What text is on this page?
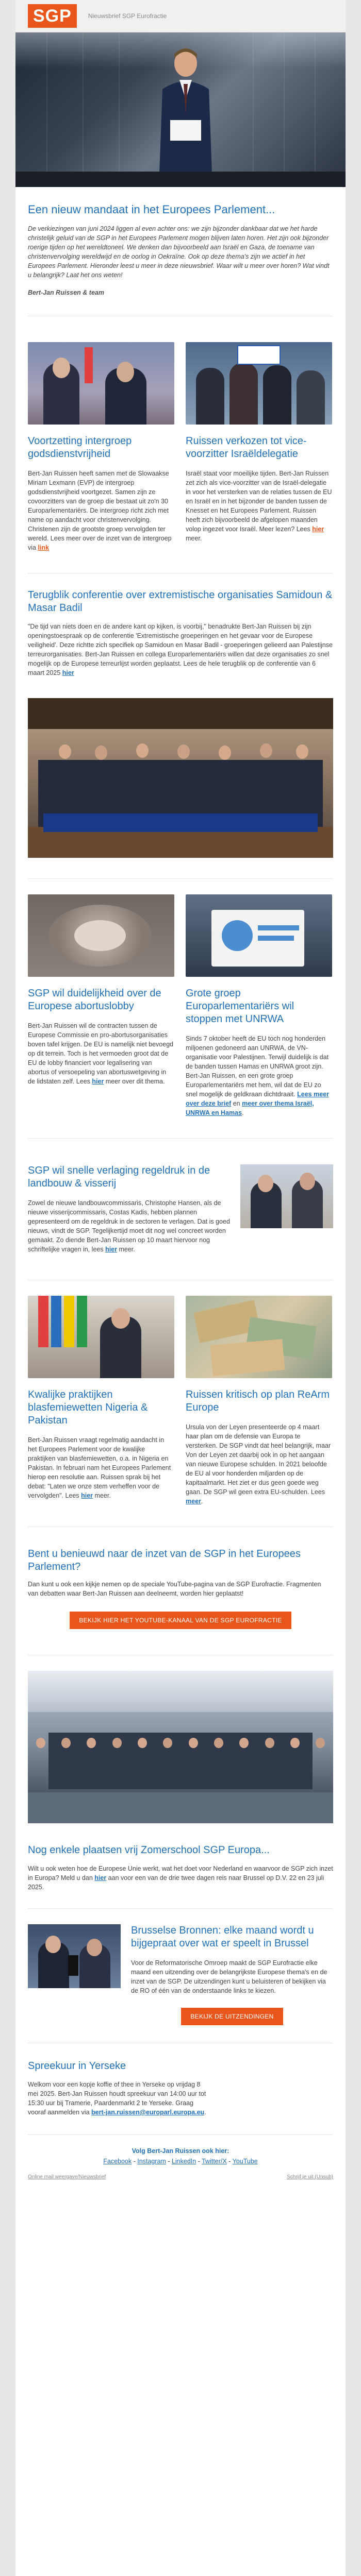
SGP	Nieuwsbrief SGP Eurofractie
Een nieuw mandaat in het Europees Parlement...

De verkiezingen van juni 2024 liggen al even achter ons: we zijn bijzonder dankbaar dat we het harde christelijk geluid van de SGP in het Europees Parlement mogen blijven laten horen. Het zijn ook bijzonder roerige tijden op het wereldtoneel. We denken dan bijvoorbeeld aan Israël en Gaza, de toename van christenvervolging wereldwijd en de oorlog in Oekraïne. Ook op deze thema's zijn we actief in het Europees Parlement. Hieronder leest u meer in deze nieuwsbrief. Waar wilt u meer over horen? Wat vindt u belangrijk? Laat het ons weten!

Bert-Jan Ruissen & team

Voortzetting intergroep godsdienstvrijheid

Bert-Jan Ruissen heeft samen met de Slowaakse Miriam Lexmann (EVP) de intergroep godsdienstvrijheid voortgezet. Samen zijn ze covoorzitters van de groep die bestaat uit zo'n 30 Europarlementariërs. De intergroep richt zich met name op aandacht voor christenvervolging. Christenen zijn de grootste groep vervolgden ter wereld. Lees meer over de inzet van de intergroep via link

Ruissen verkozen tot vice-voorzitter Israëldelegatie

Israël staat voor moeilijke tijden. Bert-Jan Ruissen zet zich als vice-voorzitter van de Israël-delegatie in voor het versterken van de relaties tussen de EU en Israël en in het bijzonder de banden tussen de Knesset en het Europees Parlement. Ruissen heeft zich bijvoorbeeld de afgelopen maanden volop ingezet voor Israël. Meer lezen? Lees hier meer.

Terugblik conferentie over extremistische organisaties Samidoun & Masar Badil

"De tijd van niets doen en de andere kant op kijken, is voorbij," benadrukte Bert-Jan Ruissen bij zijn openingstoespraak op de conferentie 'Extremistische groeperingen en het gevaar voor de Europese veiligheid'. Deze richtte zich specifiek op Samidoun en Masar Badil - groeperingen gelieerd aan Palestijnse terreurorganisaties. Bert-Jan Ruissen en collega Europarlementariërs willen dat deze organisaties zo snel mogelijk op de Europese terreurlijst worden geplaatst. Lees de hele terugblik op de conferentie van 6 maart 2025 hier

SGP wil duidelijkheid over de Europese abortuslobby

Bert-Jan Ruissen wil de contracten tussen de Europese Commissie en pro-abortusorganisaties boven tafel krijgen. De EU is namelijk niet bevoegd op dit terrein. Toch is het vermoeden groot dat de EU de lobby financiert voor legalisering van abortus of versoepeling van abortuswetgeving in de lidstaten zelf. Lees hier meer over dit thema.

Grote groep Europarlementariërs wil stoppen met UNRWA

Sinds 7 oktober heeft de EU toch nog honderden miljoenen gedoneerd aan UNRWA, de VN-organisatie voor Palestijnen. Terwijl duidelijk is dat de banden tussen Hamas en UNRWA groot zijn. Bert-Jan Ruissen, en een grote groep Europarlementariërs met hem, wil dat de EU zo snel mogelijk de geldkraan dichtdraait. Lees meer over deze brief en meer over thema Israël, UNRWA en Hamas.

SGP wil snelle verlaging regeldruk in de landbouw & visserij

Zowel de nieuwe landbouwcommissaris, Christophe Hansen, als de nieuwe visserijcommissaris, Costas Kadis, hebben plannen gepresenteerd om de regeldruk in de sectoren te verlagen. Dat is goed nieuws, vindt de SGP. Tegelijkertijd moet dit nog wel concreet worden gemaakt. Zo diende Bert-Jan Ruissen op 10 maart hiervoor nog schriftelijke vragen in, lees hier meer.

Kwalijke praktijken blasfemiewetten Nigeria & Pakistan

Bert-Jan Ruissen vraagt regelmatig aandacht in het Europees Parlement voor de kwalijke praktijken van blasfemiewetten, o.a. in Nigeria en Pakistan. In februari nam het Europees Parlement hierop een resolutie aan. Ruissen sprak bij het debat: "Laten we onze stem verheffen voor de vervolgden". Lees hier meer.

Ruissen kritisch op plan ReArm Europe

Ursula von der Leyen presenteerde op 4 maart haar plan om de defensie van Europa te versterken. De SGP vindt dat heel belangrijk, maar Von der Leyen zet daarbij ook in op het aangaan van nieuwe Europese schulden. In 2021 beloofde de EU al voor honderden miljarden op de kapitaalmarkt. Het ziet er dus geen goede weg gaan. De SGP wil geen extra EU-schulden. Lees meer.

Bent u benieuwd naar de inzet van de SGP in het Europees Parlement?

Dan kunt u ook een kijkje nemen op de speciale YouTube-pagina van de SGP Eurofractie. Fragmenten van debatten waar Bert-Jan Ruissen aan deelneemt, worden hier geplaatst!

BEKIJK HIER HET YOUTUBE-KANAAL VAN DE SGP EUROFRACTIE
Nog enkele plaatsen vrij Zomerschool SGP Europa...

Wilt u ook weten hoe de Europese Unie werkt, wat het doet voor Nederland en waarvoor de SGP zich inzet in Europa? Meld u dan hier aan voor een van de drie twee dagen reis naar Brussel op D.V. 22 en 23 juli 2025.

Brusselse Bronnen: elke maand wordt u bijgepraat over wat er speelt in Brussel

Voor de Reformatorische Omroep maakt de SGP Eurofractie elke maand een uitzending over de belangrijkste Europese thema's en de inzet van de SGP. De uitzendingen kunt u beluisteren of bekijken via de RO of één van de onderstaande links te kiezen.

BEKIJK DE UITZENDINGEN
Spreekuur in Yerseke

Welkom voor een kopje koffie of thee in Yerseke op vrijdag 8 mei 2025. Bert-Jan Ruissen houdt spreekuur van 14:00 uur tot 15:30 uur bij Tramerie, Paardenmarkt 2 te Yerseke. Graag vooraf aanmelden via bert-jan.ruissen@europarl.europa.eu.

Volg Bert-Jan Ruissen ook hier:
Facebook - Instagram - LinkedIn - Twitter/X - YouTube
Online mail weergave/Nieuwsbrief	Schrijf je uit (Unsub)
